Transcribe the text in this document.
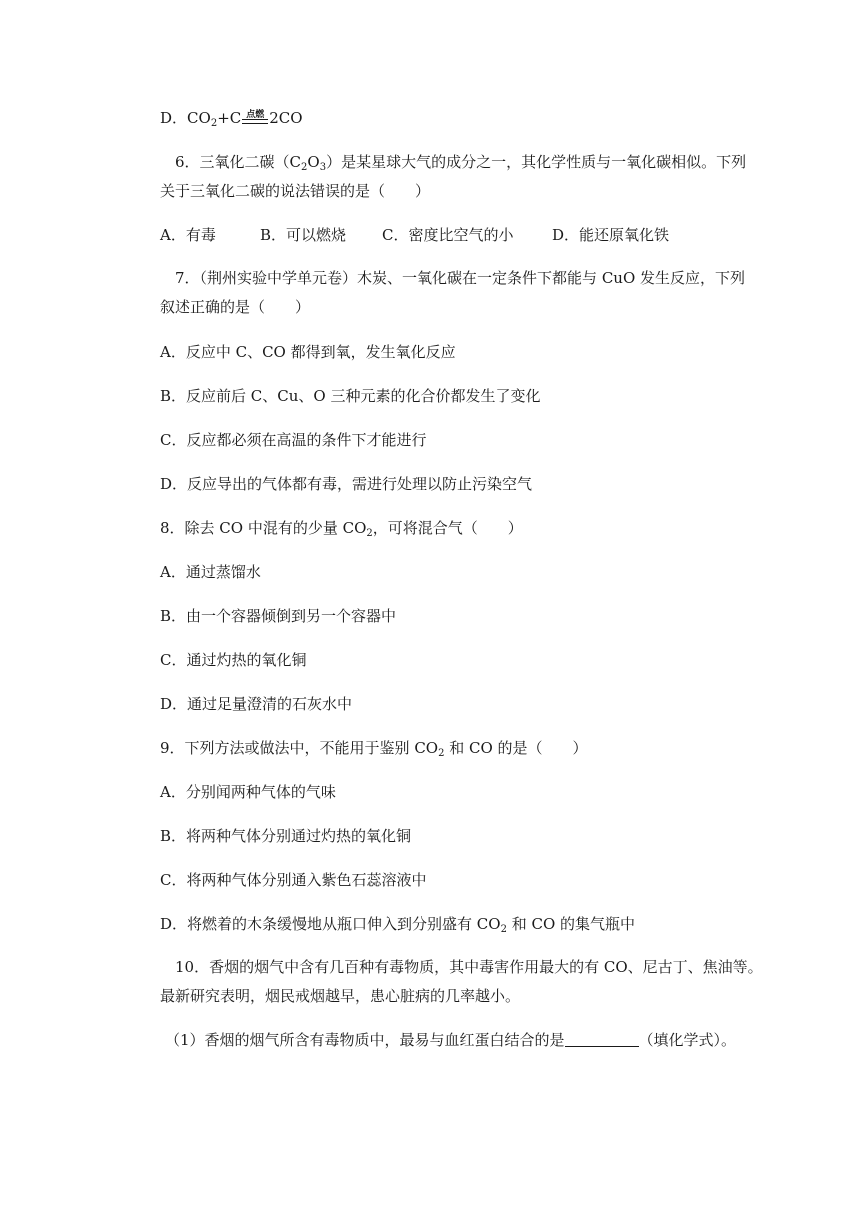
D．$CO_2+C$ 点燃 2CO
6．三氧化二碳$(C_2O_3)$是某星球大气的成分之一，其化学性质与一氧化碳相似。下列
关于三氧化二碳的说法错误的是（　　）
A．有毒	B．可以燃烧 C．密度比空气的小	D．能还原氧化铁
7．（荆州实验中学单元卷）木炭、一氧化碳在一定条件下都能与 CuO 发生反应，下列
叙述正确的是（　　）
A．反应中 C、CO 都得到氧，发生氧化反应
B．反应前后 C、Cu、O 三种元素的化合价都发生了变化
C．反应都必须在高温的条件下才能进行
D．反应导出的气体都有毒，需进行处理以防止污染空气
8．除去 CO 中混有的少量 $CO_2$，可将混合气（　　）
A．通过蒸馏水
B．由一个容器倾倒到另一个容器中
C．通过灼热的氧化铜
D．通过足量澄清的石灰水中
9．下列方法或做法中，不能用于鉴别 $CO_2$ 和 CO 的是（　　）
A．分别闻两种气体的气味
B．将两种气体分别通过灼热的氧化铜
C．将两种气体分别通入紫色石蕊溶液中
D．将燃着的木条缓慢地从瓶口伸入到分别盛有 $CO_2$ 和 CO 的集气瓶中
10．香烟的烟气中含有几百种有毒物质，其中毒害作用最大的有 CO、尼古丁、焦油等。
最新研究表明，烟民戒烟越早，患心脏病的几率越小。
（1）香烟的烟气所含有毒物质中，最易与血红蛋白结合的是	（填化学式）。
